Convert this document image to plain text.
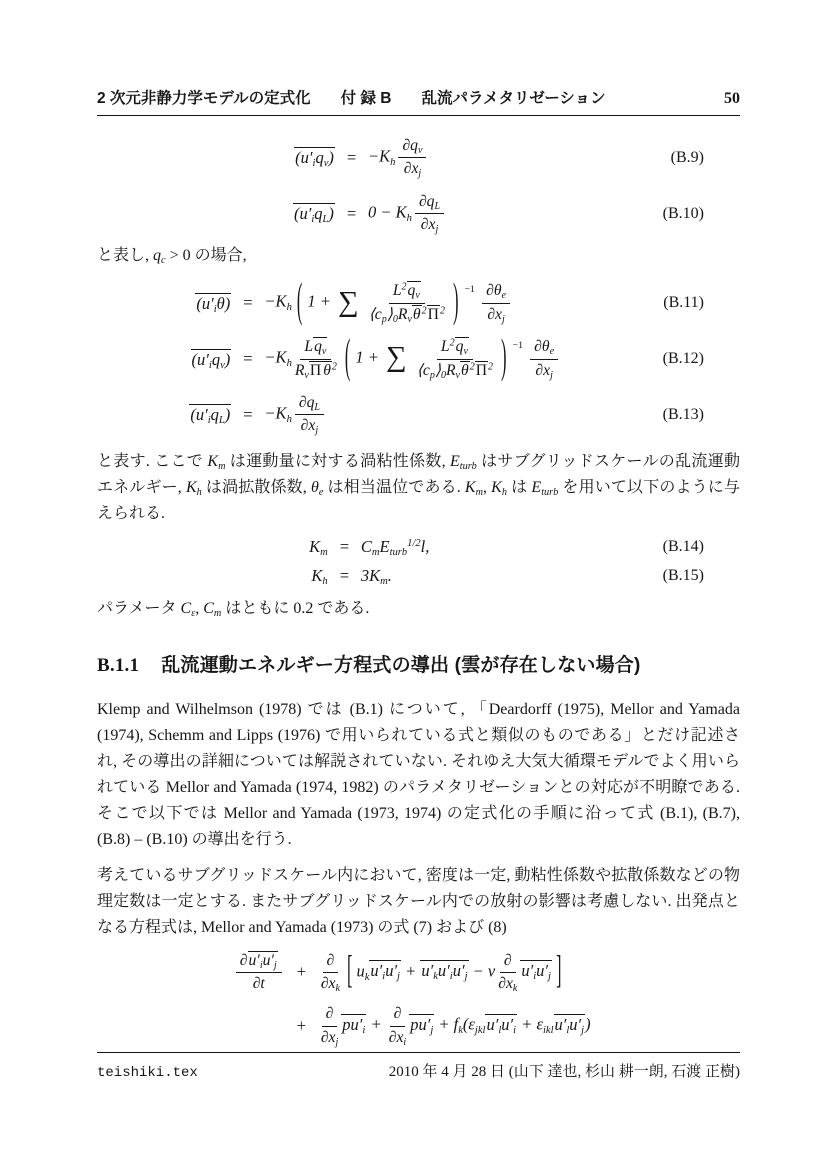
2 次元非静力学モデルの定式化 付 録 B 乱流パラメタリゼーション	50
$(u'_iq_v) = -K_h \frac{\partial q_v}{\partial x_j}$	(B.9)
$(u'_iq_L) = 0 - K_h \frac{\partial q_L}{\partial x_j}$	(B.10)

と表し, $q_c > 0$ の場合,

$(u'_i\theta) = -K_h$ ( 1 + ∑ $L^2q_v$
$⟨c_p⟩_0R_v\theta^2\Pi^2$ ) $^{-1} \frac{\partial\theta_e}{\partial x_j}$	(B.11)
$(u'_iq_v) = -K_h$
$Lq_v$
$R_v\Pi$ $\theta^2$ ( 1 + ∑ $L^2q_v$
$⟨c_p⟩_0R_v\theta^2\Pi^2$ ) $^{-1} \frac{\partial\theta_e}{\partial x_j}$	(B.12)
$(u'_iq_L) = -K_h \frac{\partial q_L}{\partial x_j}$	(B.13)

と表す. ここで $K_m$ は運動量に対する渦粘性係数, $E_{turb}$ はサブグリッドスケールの乱流運動エネルギー, $K_h$ は渦拡散係数, $\theta_e$ は相当温位である. $K_m$, $K_h$ は $E_{turb}$ を用いて以下のように与えられる.

$K_m = C_mE_{turb}^{1/2}l$,	(B.14)
$K_h = 3K_m$.	(B.15)

パラメータ $C_\varepsilon$, $C_m$ はともに 0.2 である.

B.1.1 乱流運動エネルギー方程式の導出 (雲が存在しない場合)

Klemp and Wilhelmson (1978) では (B.1) について, 「Deardorff (1975), Mellor and Yamada (1974), Schemm and Lipps (1976) で用いられている式と類似のものである」とだけ記述され, その導出の詳細については解説されていない. それゆえ大気大循環モデルでよく用いられている Mellor and Yamada (1974, 1982) のパラメタリゼーションとの対応が不明瞭である. そこで以下では Mellor and Yamada (1973, 1974) の定式化の手順に沿って式 (B.1), (B.7), (B.8) – (B.10) の導出を行う.

考えているサブグリッドスケール内において, 密度は一定, 動粘性係数や拡散係数などの物理定数は一定とする. またサブグリッドスケール内での放射の影響は考慮しない. 出発点となる方程式は, Mellor and Yamada (1973) の式 (7) および (8)

$\frac{\partial u'_iu'_j}{\partial t}$ +
∂
$\partial x_k$ [ $u_ku'_iu'_j + u'_ku'_iu'_j - \nu$
∂
$\partial x_k$
$u'_iu'_j$ ]
+
∂
$\partial x_j$
$pu'_i$ +
∂
$\partial x_i$
$pu'_j + f_k(\varepsilon_{jkl}u'_lu'_i + \varepsilon_{ikl}u'_lu'_j)$
teishiki.tex	2010 年 4 月 28 日 (山下 達也, 杉山 耕一朗, 石渡 正樹)
